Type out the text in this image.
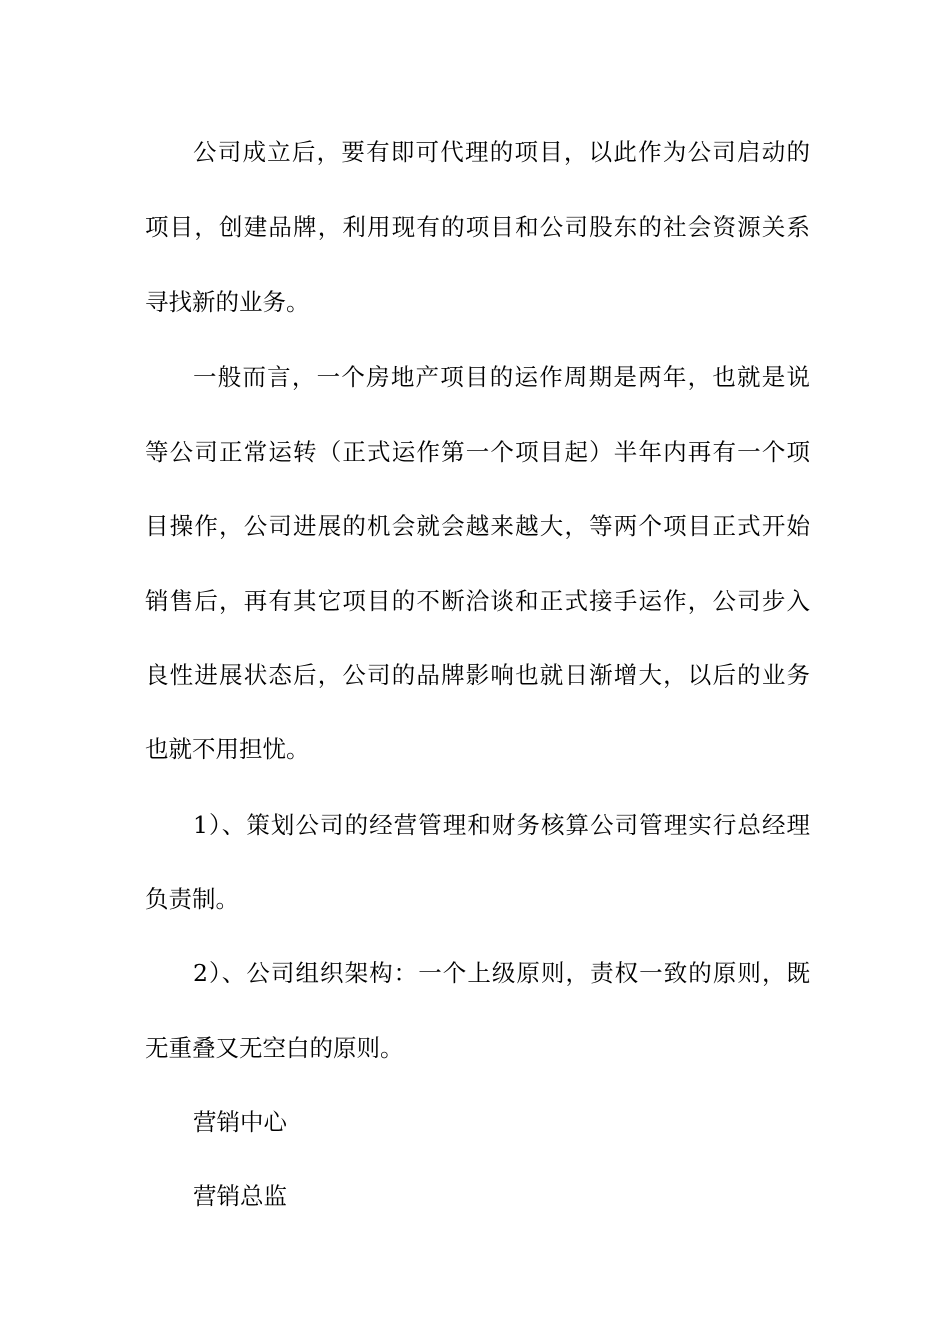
公司成立后，要有即可代理的项目，以此作为公司启动的

项目，创建品牌，利用现有的项目和公司股东的社会资源关系

寻找新的业务。

一般而言，一个房地产项目的运作周期是两年，也就是说

等公司正常运转（正式运作第一个项目起）半年内再有一个项

目操作，公司进展的机会就会越来越大，等两个项目正式开始

销售后，再有其它项目的不断洽谈和正式接手运作，公司步入

良性进展状态后，公司的品牌影响也就日渐增大，以后的业务

也就不用担忧。

1）、策划公司的经营管理和财务核算公司管理实行总经理

负责制。

2）、公司组织架构：一个上级原则，责权一致的原则，既

无重叠又无空白的原则。

营销中心

营销总监
